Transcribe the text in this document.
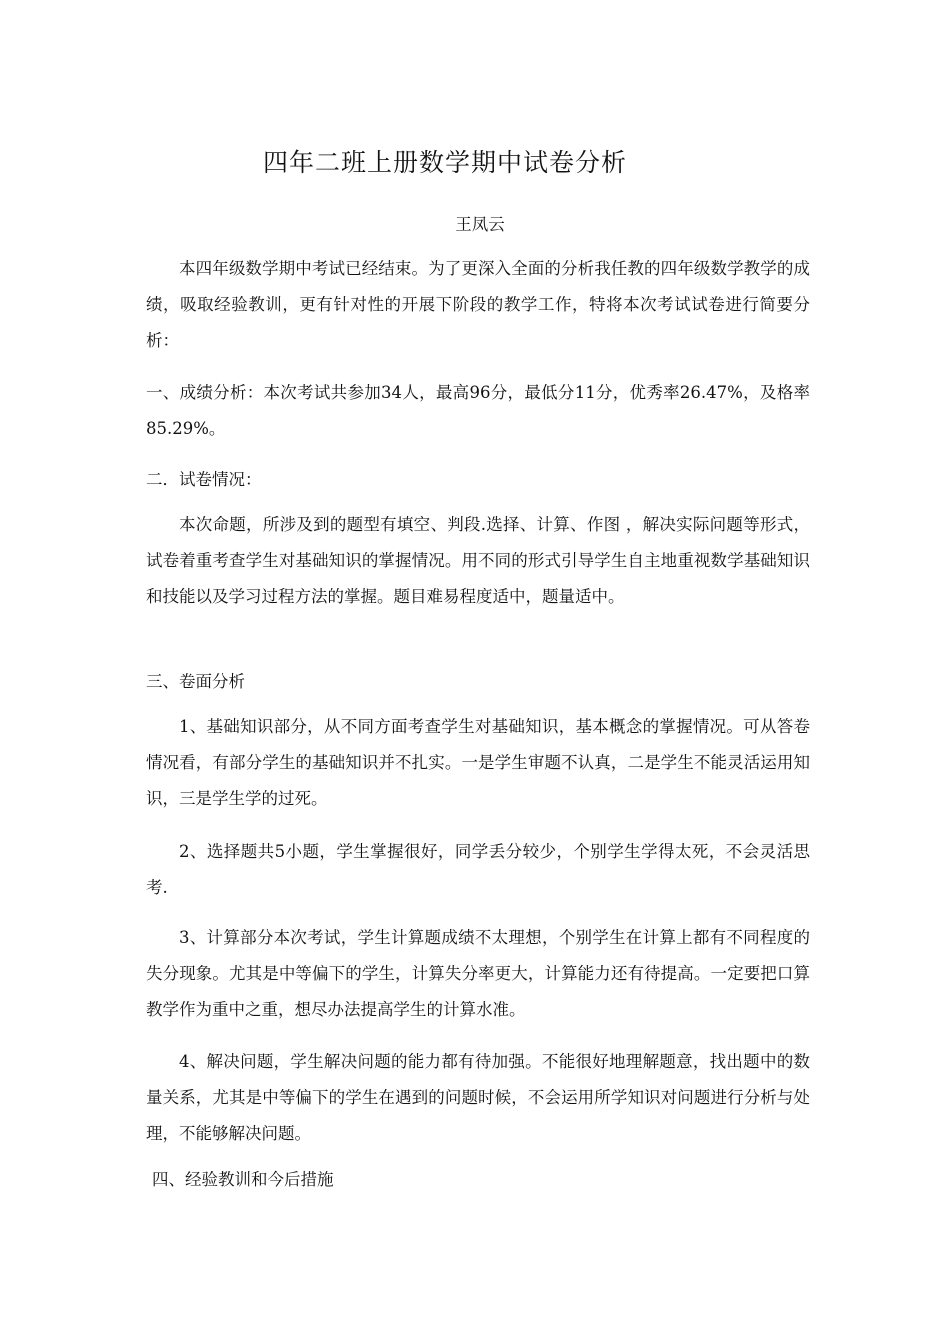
四年二班上册数学期中试卷分析
王凤云

本四年级数学期中考试已经结束。为了更深入全面的分析我任教的四年级数学教学的成绩，吸取经验教训，更有针对性的开展下阶段的教学工作，特将本次考试试卷进行简要分析：

一、成绩分析：本次考试共参加34人，最高96分，最低分11分，优秀率26.47%，及格率85.29%。

二．试卷情况：

本次命题，所涉及到的题型有填空、判段.选择、计算、作图 ，解决实际问题等形式，试卷着重考查学生对基础知识的掌握情况。用不同的形式引导学生自主地重视数学基础知识和技能以及学习过程方法的掌握。题目难易程度适中，题量适中。

三、卷面分析

1、基础知识部分，从不同方面考查学生对基础知识，基本概念的掌握情况。可从答卷情况看，有部分学生的基础知识并不扎实。一是学生审题不认真，二是学生不能灵活运用知识，三是学生学的过死。

2、选择题共5小题，学生掌握很好，同学丢分较少，个别学生学得太死，不会灵活思考.

3、计算部分本次考试，学生计算题成绩不太理想，个别学生在计算上都有不同程度的失分现象。尤其是中等偏下的学生，计算失分率更大，计算能力还有待提高。一定要把口算教学作为重中之重，想尽办法提高学生的计算水准。

4、解决问题，学生解决问题的能力都有待加强。不能很好地理解题意，找出题中的数量关系，尤其是中等偏下的学生在遇到的问题时候，不会运用所学知识对问题进行分析与处理，不能够解决问题。

四、经验教训和今后措施
